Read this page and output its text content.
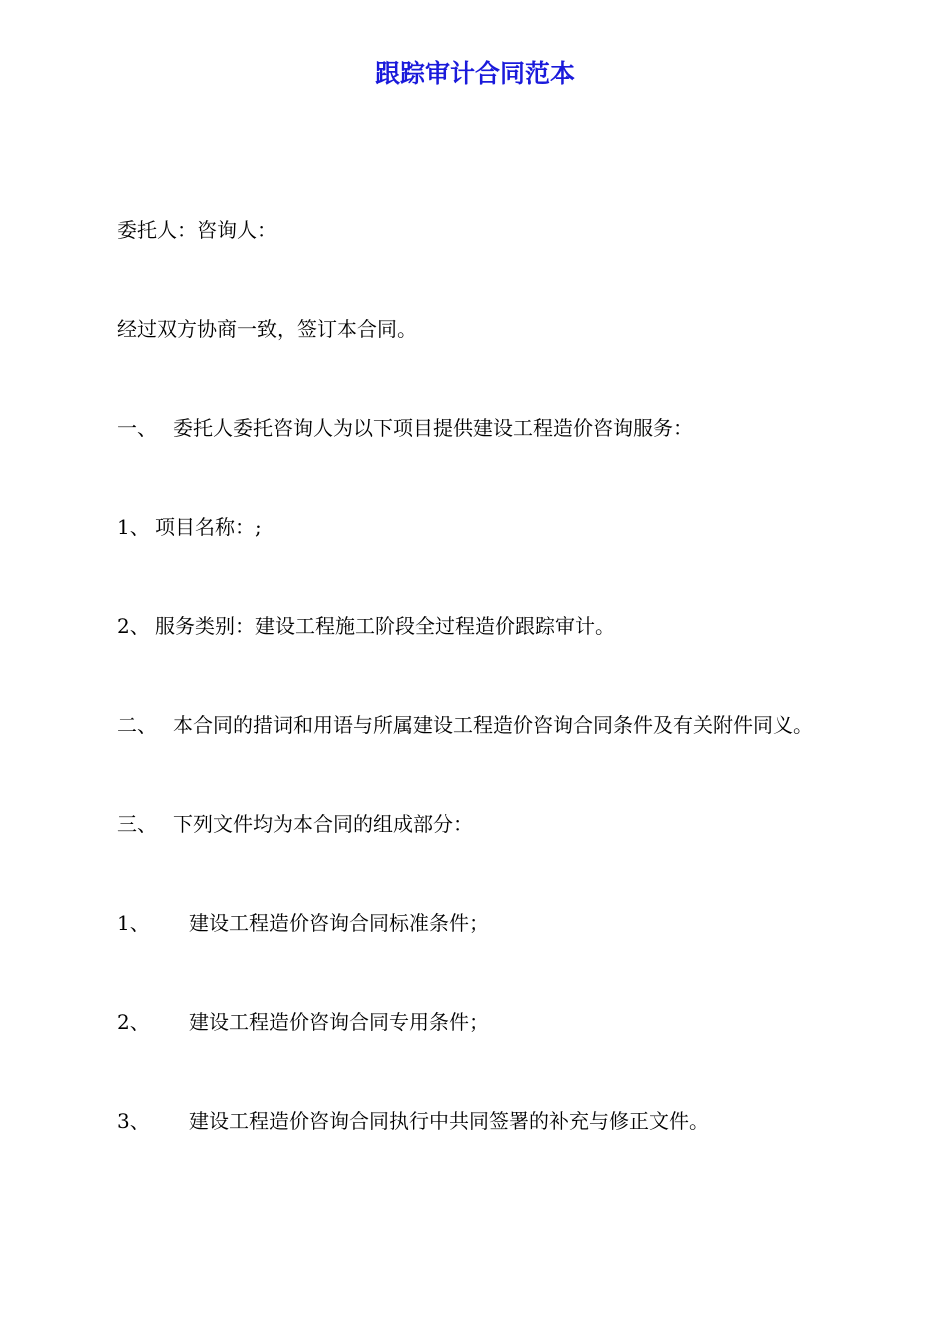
跟踪审计合同范本

委托人：咨询人：

经过双方协商一致，签订本合同。

一、 委托人委托咨询人为以下项目提供建设工程造价咨询服务：

1、 项目名称：;

2、 服务类别：建设工程施工阶段全过程造价跟踪审计。

二、 本合同的措词和用语与所属建设工程造价咨询合同条件及有关附件同义。

三、 下列文件均为本合同的组成部分：

1、 建设工程造价咨询合同标准条件；

2、 建设工程造价咨询合同专用条件；

3、 建设工程造价咨询合同执行中共同签署的补充与修正文件。
